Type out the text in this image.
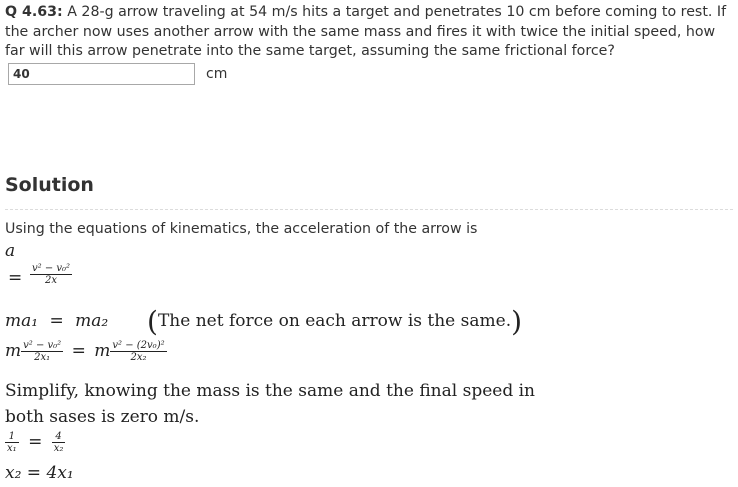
Q 4.63: A 28-g arrow traveling at 54 m/s hits a target and penetrates 10 cm before coming to rest. If the archer now uses another arrow with the same mass and fires it with twice the initial speed, how far will this arrow penetrate into the same target, assuming the same frictional force?
40	cm
Solution
Using the equations of kinematics, the acceleration of the arrow is
a
= $\frac{\text{v² − v₀²}}{2x}$
ma₁ = ma₂ (The net force on each arrow is the same.)
m $\frac{\text{v² − v₀²}}{\text{2x₁}} = m \frac{\text{v² − (2v₀)²}}{\text{2x₂}}$
Simplify, knowing the mass is the same and the final speed in both sases is zero m/s.
$\frac{1}{\text{x₁}} = \frac{4}{\text{x₂}}$
x₂ = 4x₁
